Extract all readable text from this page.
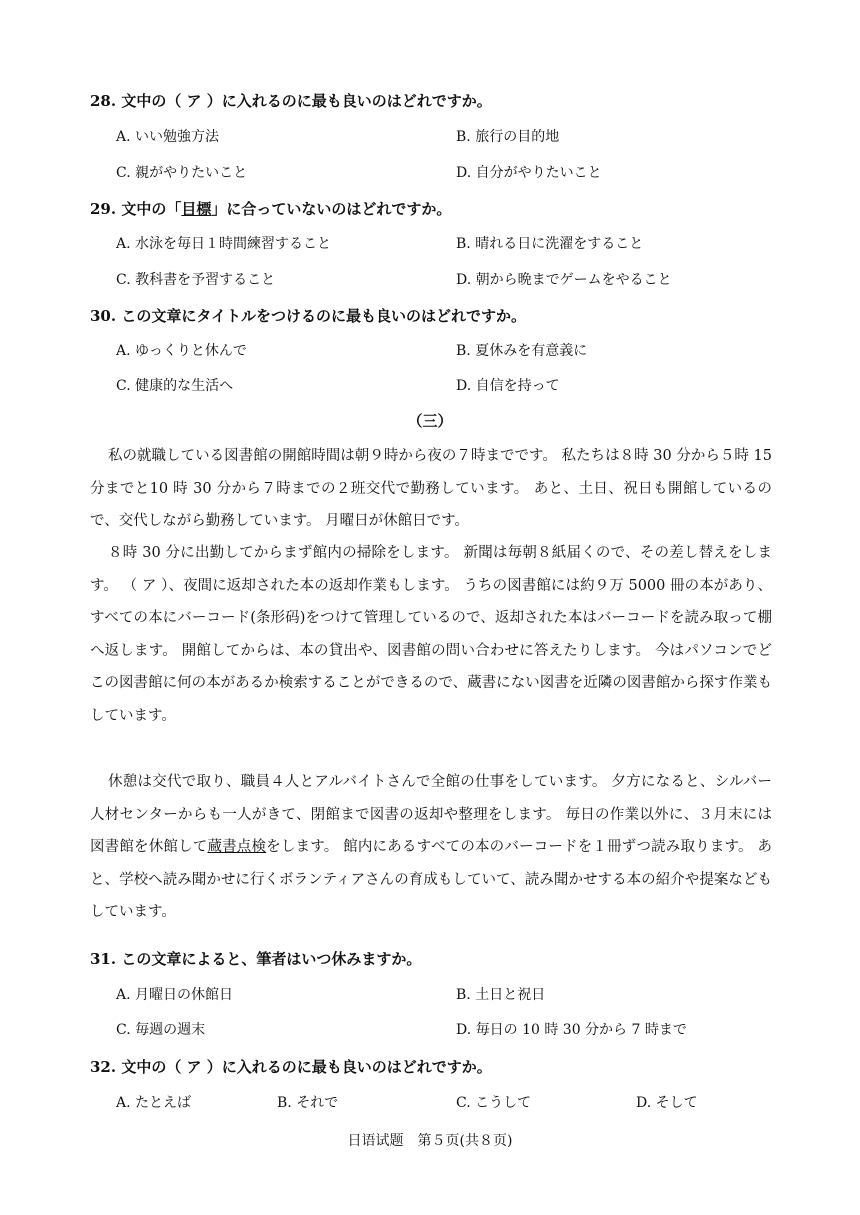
28. 文中の（ ア ）に入れるのに最も良いのはどれですか。
A. いい勉強方法	B. 旅行の目的地
C. 親がやりたいこと	D. 自分がやりたいこと
29. 文中の「目標」に合っていないのはどれですか。
A. 水泳を毎日１時間練習すること	B. 晴れる日に洗濯をすること
C. 教科書を予習すること	D. 朝から晩までゲームをやること
30. この文章にタイトルをつけるのに最も良いのはどれですか。
A. ゆっくりと休んで	B. 夏休みを有意義に
C. 健康的な生活へ	D. 自信を持って
（三）
私の就職している図書館の開館時間は朝９時から夜の７時までです。 私たちは８時 30 分から５時 15 分までと10 時 30 分から７時までの２班交代で勤務しています。 あと、土日、祝日も開館しているので、交代しながら勤務しています。 月曜日が休館日です。
８時 30 分に出勤してからまず館内の掃除をします。 新聞は毎朝８紙届くので、その差し替えをします。 （ ア ）、夜間に返却された本の返却作業もします。 うちの図書館には約９万 5000 冊の本があり、すべての本にバーコード(条形码)をつけて管理しているので、返却された本はバーコードを読み取って棚へ返します。 開館してからは、本の貸出や、図書館の問い合わせに答えたりします。 今はパソコンでどこの図書館に何の本があるか検索することができるので、蔵書にない図書を近隣の図書館から探す作業もしています。
休憩は交代で取り、職員４人とアルバイトさんで全館の仕事をしています。 夕方になると、シルバー人材センターからも一人がきて、閉館まで図書の返却や整理をします。 毎日の作業以外に、３月末には図書館を休館して蔵書点検をします。 館内にあるすべての本のバーコードを１冊ずつ読み取ります。 あと、学校へ読み聞かせに行くボランティアさんの育成もしていて、読み聞かせする本の紹介や提案などもしています。
31. この文章によると、筆者はいつ休みますか。
A. 月曜日の休館日	B. 土日と祝日
C. 毎週の週末	D. 毎日の 10 時 30 分から 7 時まで
32. 文中の（ ア ）に入れるのに最も良いのはどれですか。
A. たとえば	B. それで	C. こうして	D. そして
日语试题　第５页(共８页)
